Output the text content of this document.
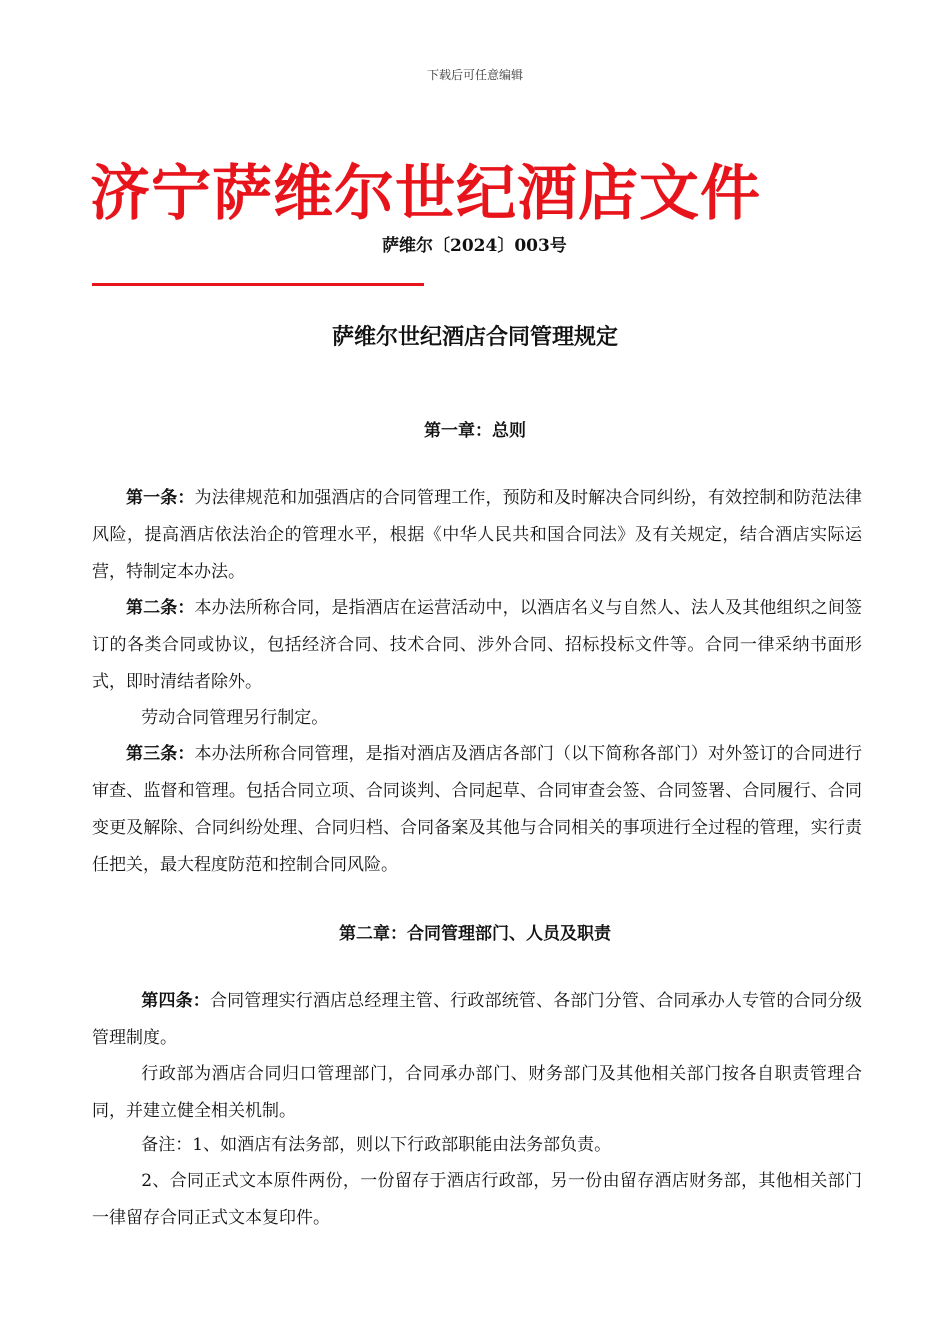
下载后可任意编辑
济宁萨维尔世纪酒店文件
萨维尔〔2024〕003号
萨维尔世纪酒店合同管理规定
第一章：总则
第一条：为法律规范和加强酒店的合同管理工作，预防和及时解决合同纠纷，有效控制和防范法律风险，提高酒店依法治企的管理水平，根据《中华人民共和国合同法》及有关规定，结合酒店实际运营，特制定本办法。
第二条：本办法所称合同，是指酒店在运营活动中，以酒店名义与自然人、法人及其他组织之间签订的各类合同或协议，包括经济合同、技术合同、涉外合同、招标投标文件等。合同一律采纳书面形式，即时清结者除外。
劳动合同管理另行制定。
第三条：本办法所称合同管理，是指对酒店及酒店各部门（以下简称各部门）对外签订的合同进行审查、监督和管理。包括合同立项、合同谈判、合同起草、合同审查会签、合同签署、合同履行、合同变更及解除、合同纠纷处理、合同归档、合同备案及其他与合同相关的事项进行全过程的管理，实行责任把关，最大程度防范和控制合同风险。
第二章：合同管理部门、人员及职责
第四条：合同管理实行酒店总经理主管、行政部统管、各部门分管、合同承办人专管的合同分级管理制度。
行政部为酒店合同归口管理部门，合同承办部门、财务部门及其他相关部门按各自职责管理合同，并建立健全相关机制。
备注：1、如酒店有法务部，则以下行政部职能由法务部负责。
2、合同正式文本原件两份，一份留存于酒店行政部，另一份由留存酒店财务部，其他相关部门一律留存合同正式文本复印件。
